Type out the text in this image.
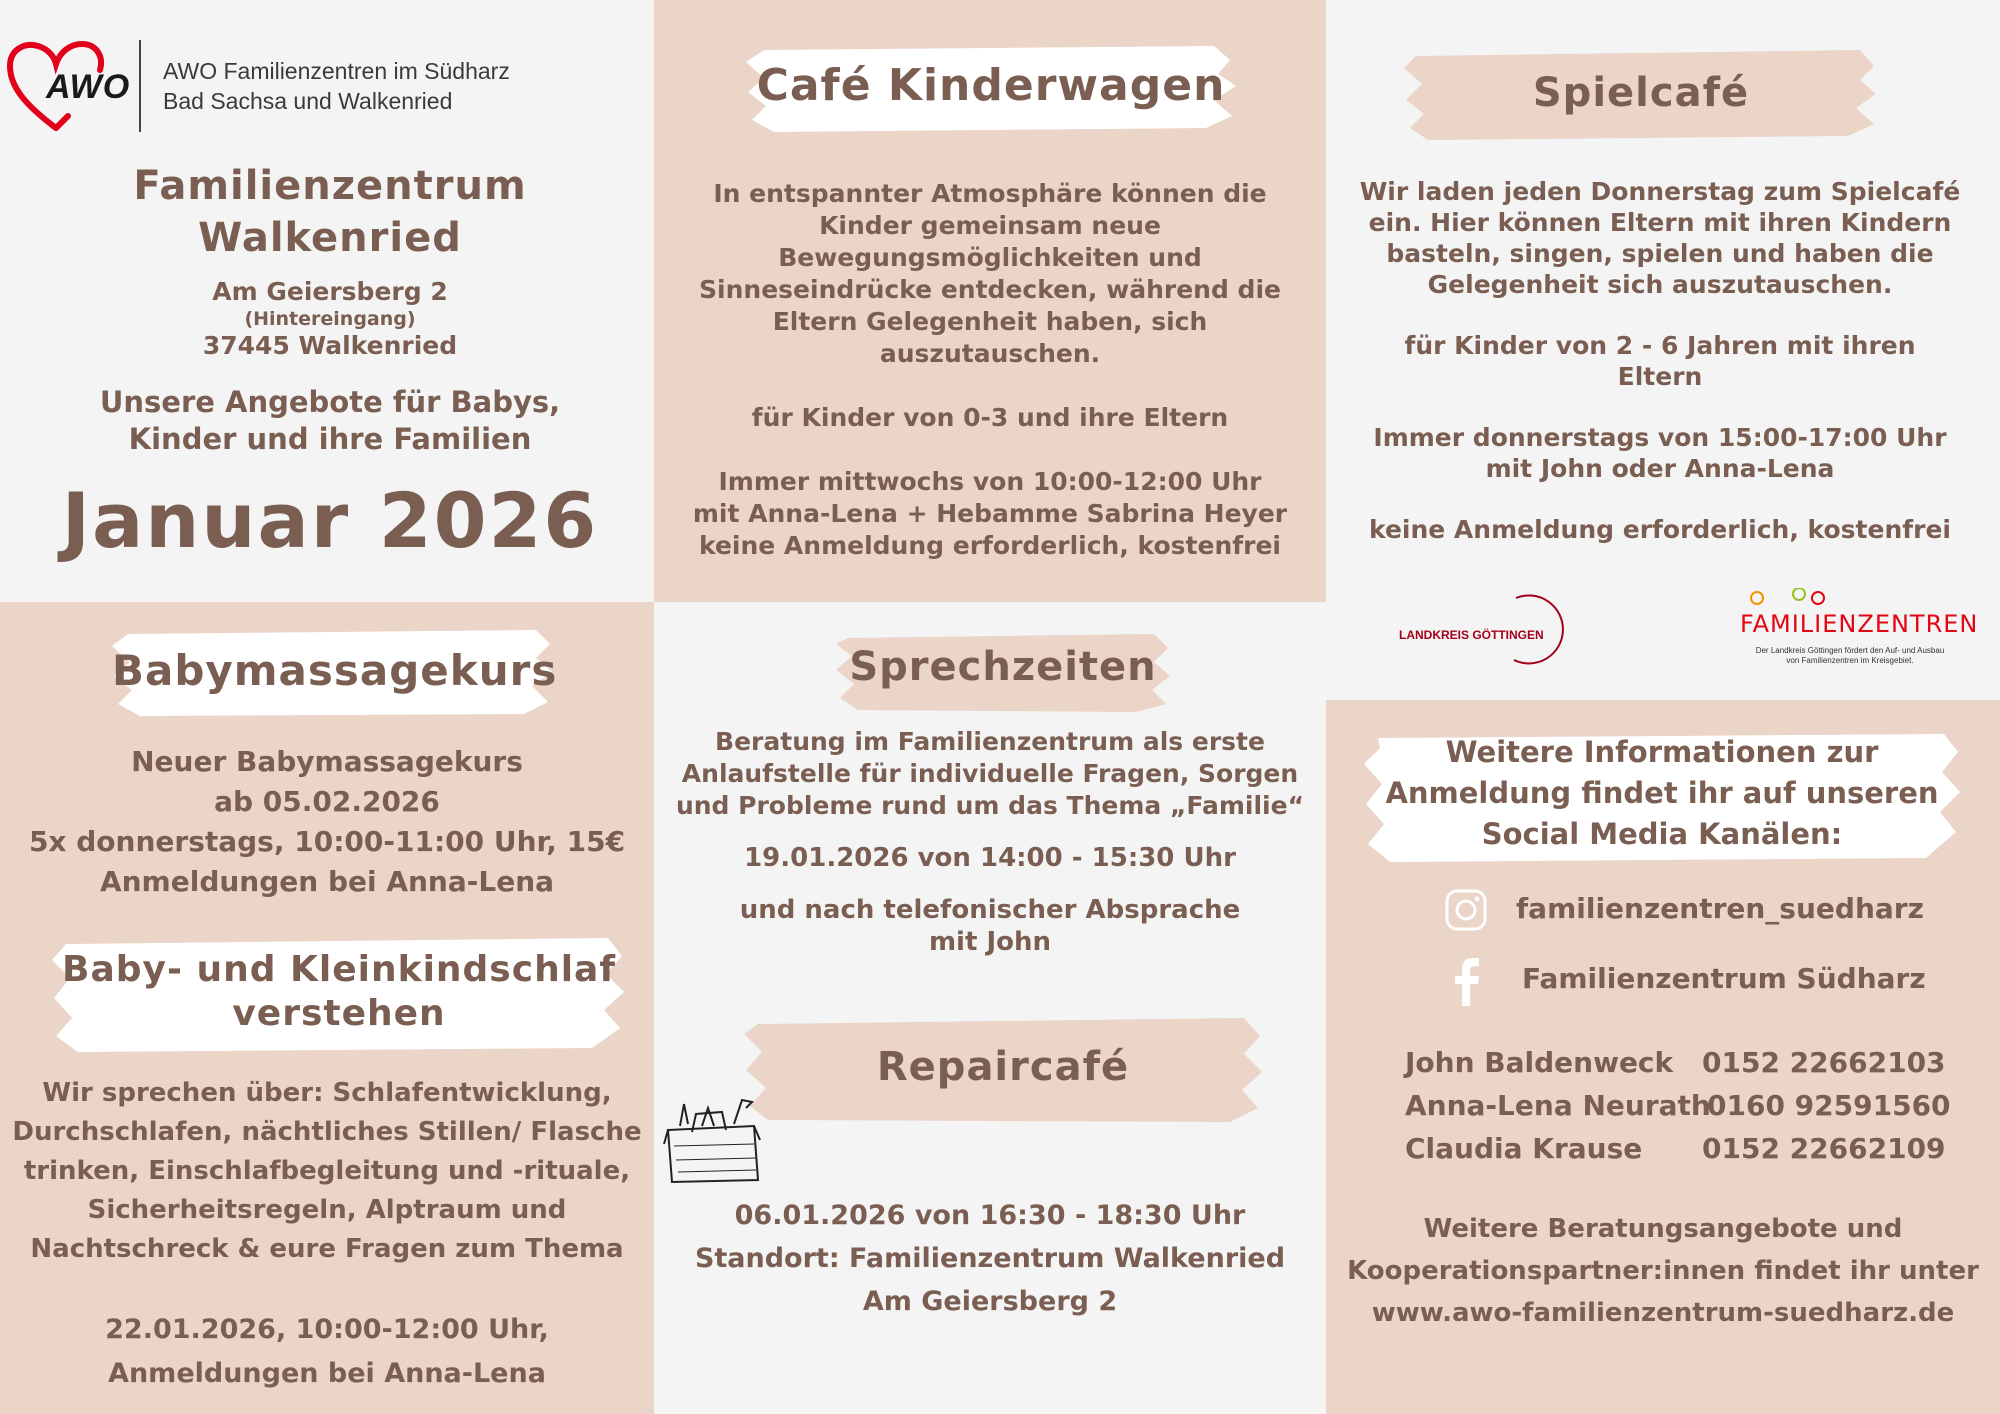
AWO AWO Familienzentren im Südharz
Bad Sachsa und Walkenried
Familienzentrum
Walkenried
Am Geiersberg 2
(Hintereingang)
37445 Walkenried
Unsere Angebote für Babys,
Kinder und ihre Familien
Januar 2026
Café Kinderwagen
In entspannter Atmosphäre können die
Kinder gemeinsam neue
Bewegungsmöglichkeiten und
Sinneseindrücke entdecken, während die
Eltern Gelegenheit haben, sich
auszutauschen.
für Kinder von 0-3 und ihre Eltern
Immer mittwochs von 10:00-12:00 Uhr
mit Anna-Lena + Hebamme Sabrina Heyer
keine Anmeldung erforderlich, kostenfrei
Spielcafé
Wir laden jeden Donnerstag zum Spielcafé
ein. Hier können Eltern mit ihren Kindern
basteln, singen, spielen und haben die
Gelegenheit sich auszutauschen.
für Kinder von 2 - 6 Jahren mit ihren
Eltern
Immer donnerstags von 15:00-17:00 Uhr
mit John oder Anna-Lena
keine Anmeldung erforderlich, kostenfrei
LANDKREIS GÖTTINGEN	FAMILIENZENTREN
Der Landkreis Göttingen fördert den Auf- und Ausbau
von Familienzentren im Kreisgebiet.
Babymassagekurs
Neuer Babymassagekurs
ab 05.02.2026
5x donnerstags, 10:00-11:00 Uhr, 15€
Anmeldungen bei Anna-Lena
Baby- und Kleinkindschlaf
verstehen
Wir sprechen über: Schlafentwicklung,
Durchschlafen, nächtliches Stillen/ Flasche
trinken, Einschlafbegleitung und -rituale,
Sicherheitsregeln, Alptraum und
Nachtschreck & eure Fragen zum Thema
22.01.2026, 10:00-12:00 Uhr,
Anmeldungen bei Anna-Lena
Sprechzeiten
Beratung im Familienzentrum als erste
Anlaufstelle für individuelle Fragen, Sorgen
und Probleme rund um das Thema „Familie“
19.01.2026 von 14:00 - 15:30 Uhr
und nach telefonischer Absprache
mit John
Repaircafé
06.01.2026 von 16:30 - 18:30 Uhr
Standort: Familienzentrum Walkenried
Am Geiersberg 2
Weitere Informationen zur
Anmeldung findet ihr auf unseren
Social Media Kanälen:
familienzentren_suedharz
Familienzentrum Südharz
John Baldenweck 0152 22662103
Anna-Lena Neurath
0160 92591560
Claudia Krause 0152 22662109
Weitere Beratungsangebote und
Kooperationspartner:innen findet ihr unter
www.awo-familienzentrum-suedharz.de
